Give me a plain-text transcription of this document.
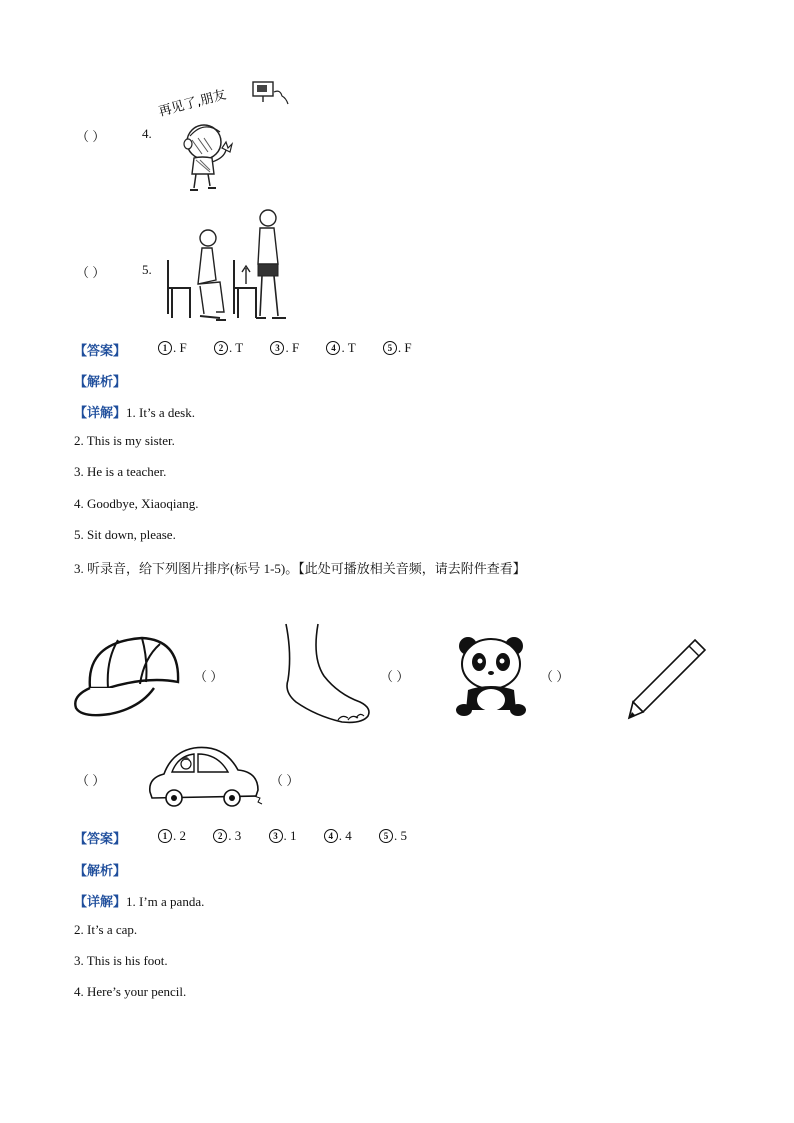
（ ）	4.
再见了,朋友
（ ）	5.
【答案】	1 . F	2 . T	3 . F	4 . T	5 . F
【解析】
【详解】1. It’s a desk.
2. This is my sister.
3. He is a teacher.
4. Goodbye, Xiaoqiang.
5. Sit down, please.
3. 听录音，给下列图片排序(标号 1-5)。【此处可播放相关音频，请去附件查看】
（ ）	（ ）	（ ）
（ ）	（ ）
【答案】	1 . 2	2 . 3	3 . 1	4 . 4	5 . 5
【解析】
【详解】1. I’m a panda.
2. It’s a cap.
3. This is his foot.
4. Here’s your pencil.
